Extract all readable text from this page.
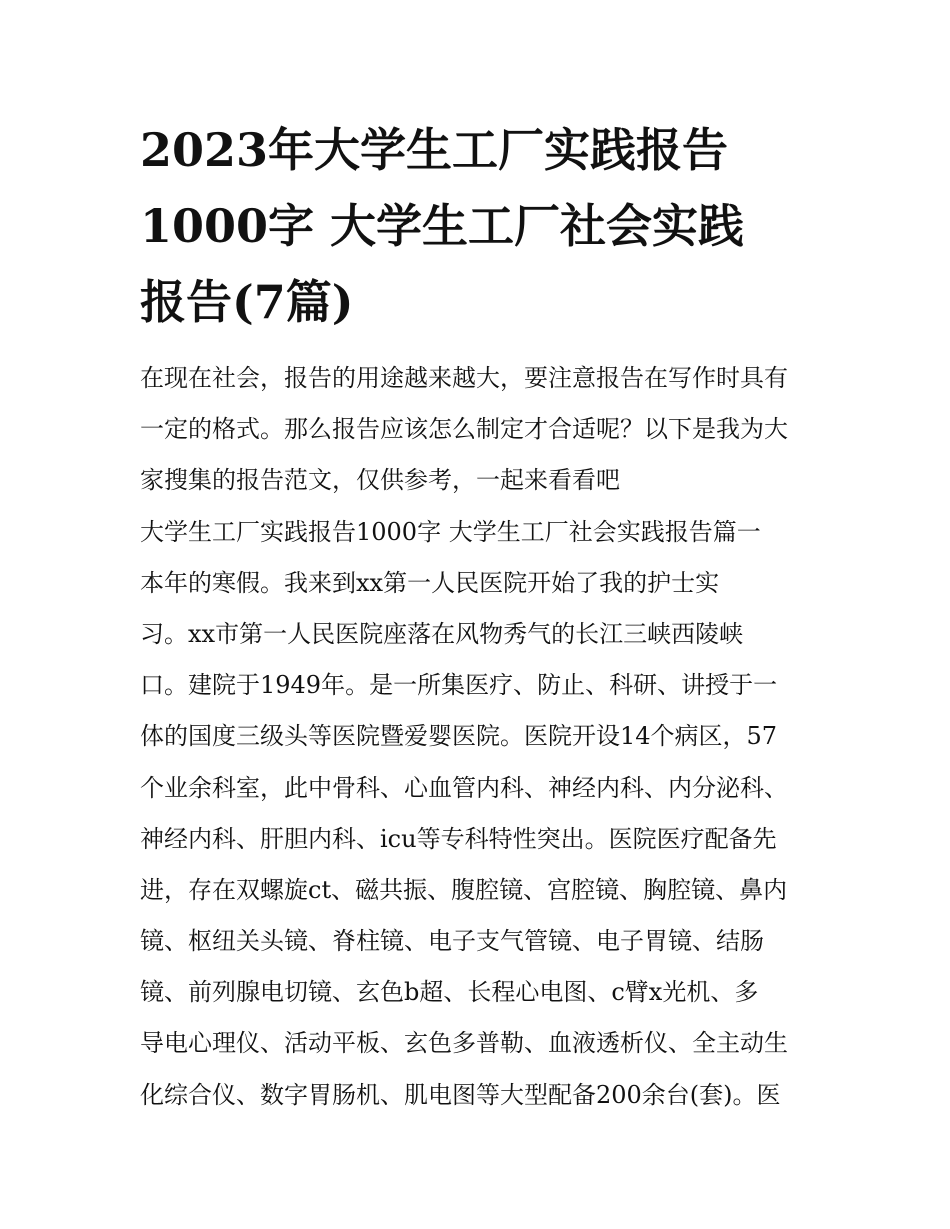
2023年大学生工厂实践报告
1000字 大学生工厂社会实践
报告(7篇)
在现在社会，报告的用途越来越大，要注意报告在写作时具有
一定的格式。那么报告应该怎么制定才合适呢？以下是我为大
家搜集的报告范文，仅供参考，一起来看看吧
大学生工厂实践报告1000字 大学生工厂社会实践报告篇一
本年的寒假。我来到xx第一人民医院开始了我的护士实
习。xx市第一人民医院座落在风物秀气的长江三峡西陵峡
口。建院于1949年。是一所集医疗、防止、科研、讲授于一
体的国度三级头等医院暨爱婴医院。医院开设14个病区，57
个业余科室，此中骨科、心血管内科、神经内科、内分泌科、
神经内科、肝胆内科、icu等专科特性突出。医院医疗配备先
进，存在双螺旋ct、磁共振、腹腔镜、宫腔镜、胸腔镜、鼻内
镜、枢纽关头镜、脊柱镜、电子支气管镜、电子胃镜、结肠
镜、前列腺电切镜、玄色b超、长程心电图、c臂x光机、多
导电心理仪、活动平板、玄色多普勒、血液透析仪、全主动生
化综合仪、数字胃肠机、肌电图等大型配备200余台(套)。医
